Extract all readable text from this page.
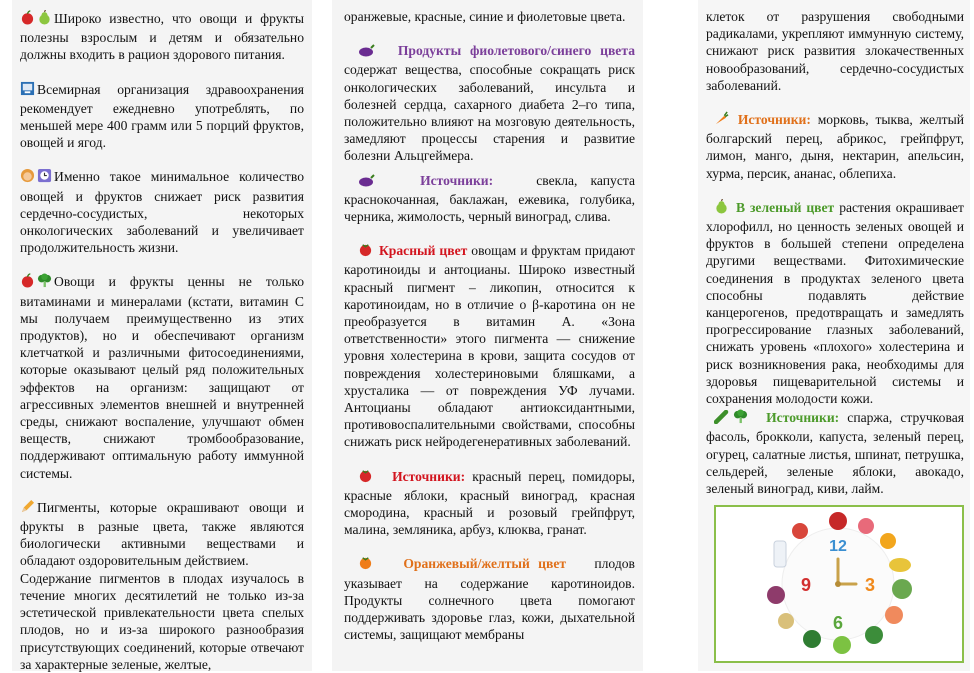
Широко известно, что овощи и фрукты полезны взрослым и детям и обязательно должны входить в рацион здорового питания.

Всемирная организация здравоохранения рекомендует ежедневно употреблять, по меньшей мере 400 грамм или 5 порций фруктов, овощей и ягод.

Именно такое минимальное количество овощей и фруктов снижает риск развития сердечно-сосудистых, некоторых онкологических заболеваний и увеличивает продолжительность жизни.

Овощи и фрукты ценны не только витаминами и минералами (кстати, витамин С мы получаем преимущественно из этих продуктов), но и обеспечивают организм клетчаткой и различными фитосоединениями, которые оказывают целый ряд положительных эффектов на организм: защищают от агрессивных элементов внешней и внутренней среды, снижают воспаление, улучшают обмен веществ, снижают тромбообразование, поддерживают оптимальную работу иммунной системы.

Пигменты, которые окрашивают овощи и фрукты в разные цвета, также являются биологически активными веществами и обладают оздоровительным действием.

Содержание пигментов в плодах изучалось в течение многих десятилетий не только из-за эстетической привлекательности цвета спелых плодов, но и из-за широкого разнообразия присутствующих соединений, которые отвечают за характерные зеленые, желтые,

оранжевые, красные, синие и фиолетовые цвета.

Продукты фиолетового/синего цвета содержат вещества, способные сокращать риск онкологических заболеваний, инсульта и болезней сердца, сахарного диабета 2–го типа, положительно влияют на мозговую деятельность, замедляют процессы старения и развитие болезни Альцгеймера.

Источники:	свекла, капуста краснокочанная, баклажан, ежевика, голубика, черника, жимолость, черный виноград, слива.

Красный цвет овощам и фруктам придают каротиноиды и антоцианы. Широко известный красный пигмент – ликопин, относится к каротиноидам, но в отличие о β-каротина он не преобразуется в витамин А. «Зона ответственности» этого пигмента — снижение уровня холестерина в крови, защита сосудов от повреждения холестериновыми бляшками, а хрусталика — от повреждения УФ лучами. Антоцианы обладают антиоксидантными, противовоспалительными свойствами, способны снижать риск нейродегенеративных заболеваний.

Источники: красный перец, помидоры, красные яблоки, красный виноград, красная смородина, красный и розовый грейпфрут, малина, земляника, арбуз, клюква, гранат.

Оранжевый/желтый цвет плодов указывает на содержание каротиноидов. Продукты солнечного цвета помогают поддерживать здоровье глаз, кожи, дыхательной системы, защищают мембраны

клеток от разрушения свободными радикалами, укрепляют иммунную систему, снижают риск развития злокачественных новообразований, сердечно-сосудистых заболеваний.

Источники: морковь, тыква, желтый болгарский перец, абрикос, грейпфрут, лимон, манго, дыня, нектарин, апельсин, хурма, персик, ананас, облепиха.

В зеленый цвет растения окрашивает хлорофилл, но ценность зеленых овощей и фруктов в большей степени определена другими веществами. Фитохимические соединения в продуктах зеленого цвета способны подавлять действие канцерогенов, предотвращать и замедлять прогрессирование глазных заболеваний, снижать уровень «плохого» холестерина и риск возникновения рака, необходимы для здоровья пищеварительной системы и сохранения молодости кожи.

Источники: спаржа, стручковая фасоль, брокколи, капуста, зеленый перец, огурец, салатные листья, шпинат, петрушка, сельдерей, зеленые яблоки, авокадо, зеленый виноград, киви, лайм.

12
3
6
9
